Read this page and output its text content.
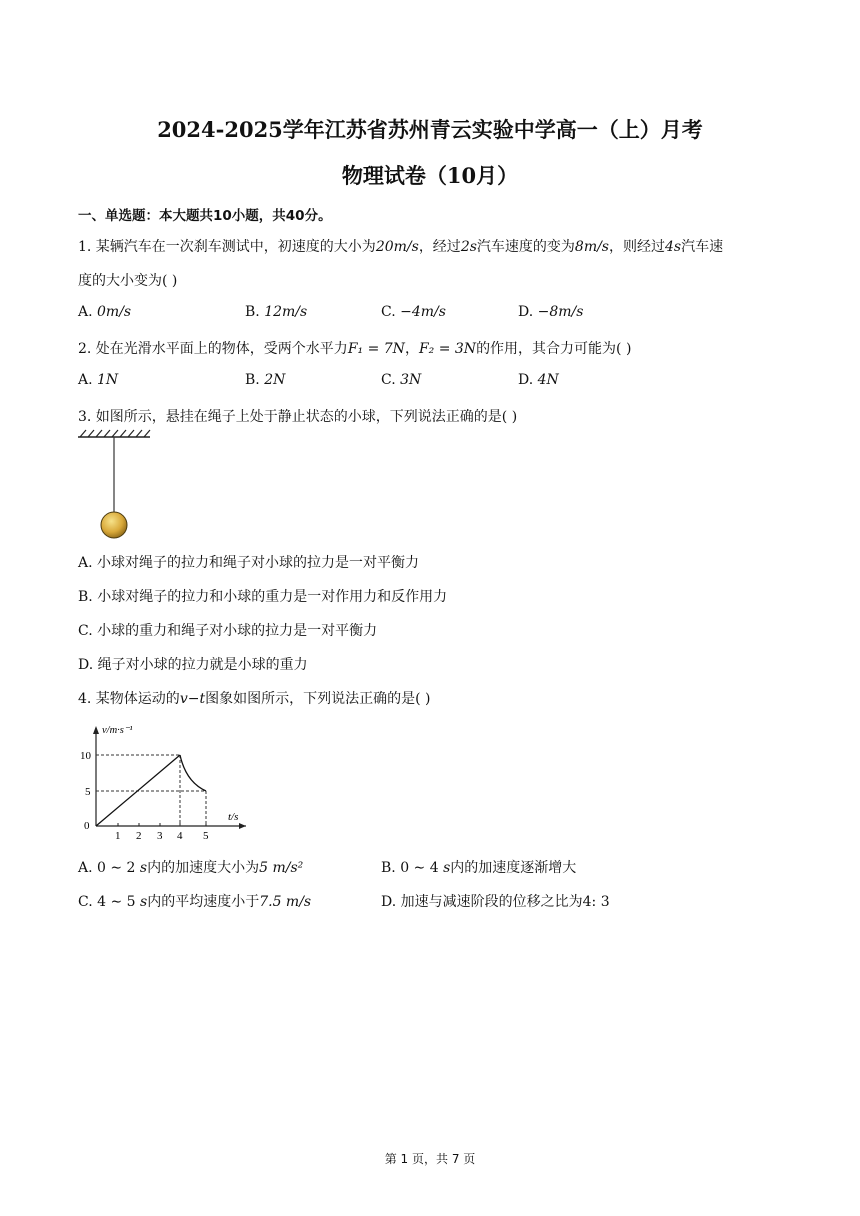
2024-2025学年江苏省苏州青云实验中学高一（上）月考
物理试卷（10月）
一、单选题：本大题共10小题，共40分。
1. 某辆汽车在一次刹车测试中，初速度的大小为20m/s，经过2s汽车速度的变为8m/s，则经过4s汽车速
度的大小变为( )
A. 0m/s	B. 12m/s	C. −4m/s	D. −8m/s
2. 处在光滑水平面上的物体，受两个水平力F₁ = 7N，F₂ = 3N的作用，其合力可能为( )
A. 1N	B. 2N	C. 3N	D. 4N
3. 如图所示，悬挂在绳子上处于静止状态的小球，下列说法正确的是( )
A. 小球对绳子的拉力和绳子对小球的拉力是一对平衡力
B. 小球对绳子的拉力和小球的重力是一对作用力和反作用力
C. 小球的重力和绳子对小球的拉力是一对平衡力
D. 绳子对小球的拉力就是小球的重力
4. 某物体运动的v−t图象如图所示，下列说法正确的是( )
v/m·s⁻¹
t/s
0
10
5
1 2 3 4 5
A. 0 ∼ 2 s内的加速度大小为5 m/s²	B. 0 ∼ 4 s内的加速度逐渐增大
C. 4 ∼ 5 s内的平均速度小于7.5 m/s	D. 加速与减速阶段的位移之比为4: 3
第 1 页，共 7 页
